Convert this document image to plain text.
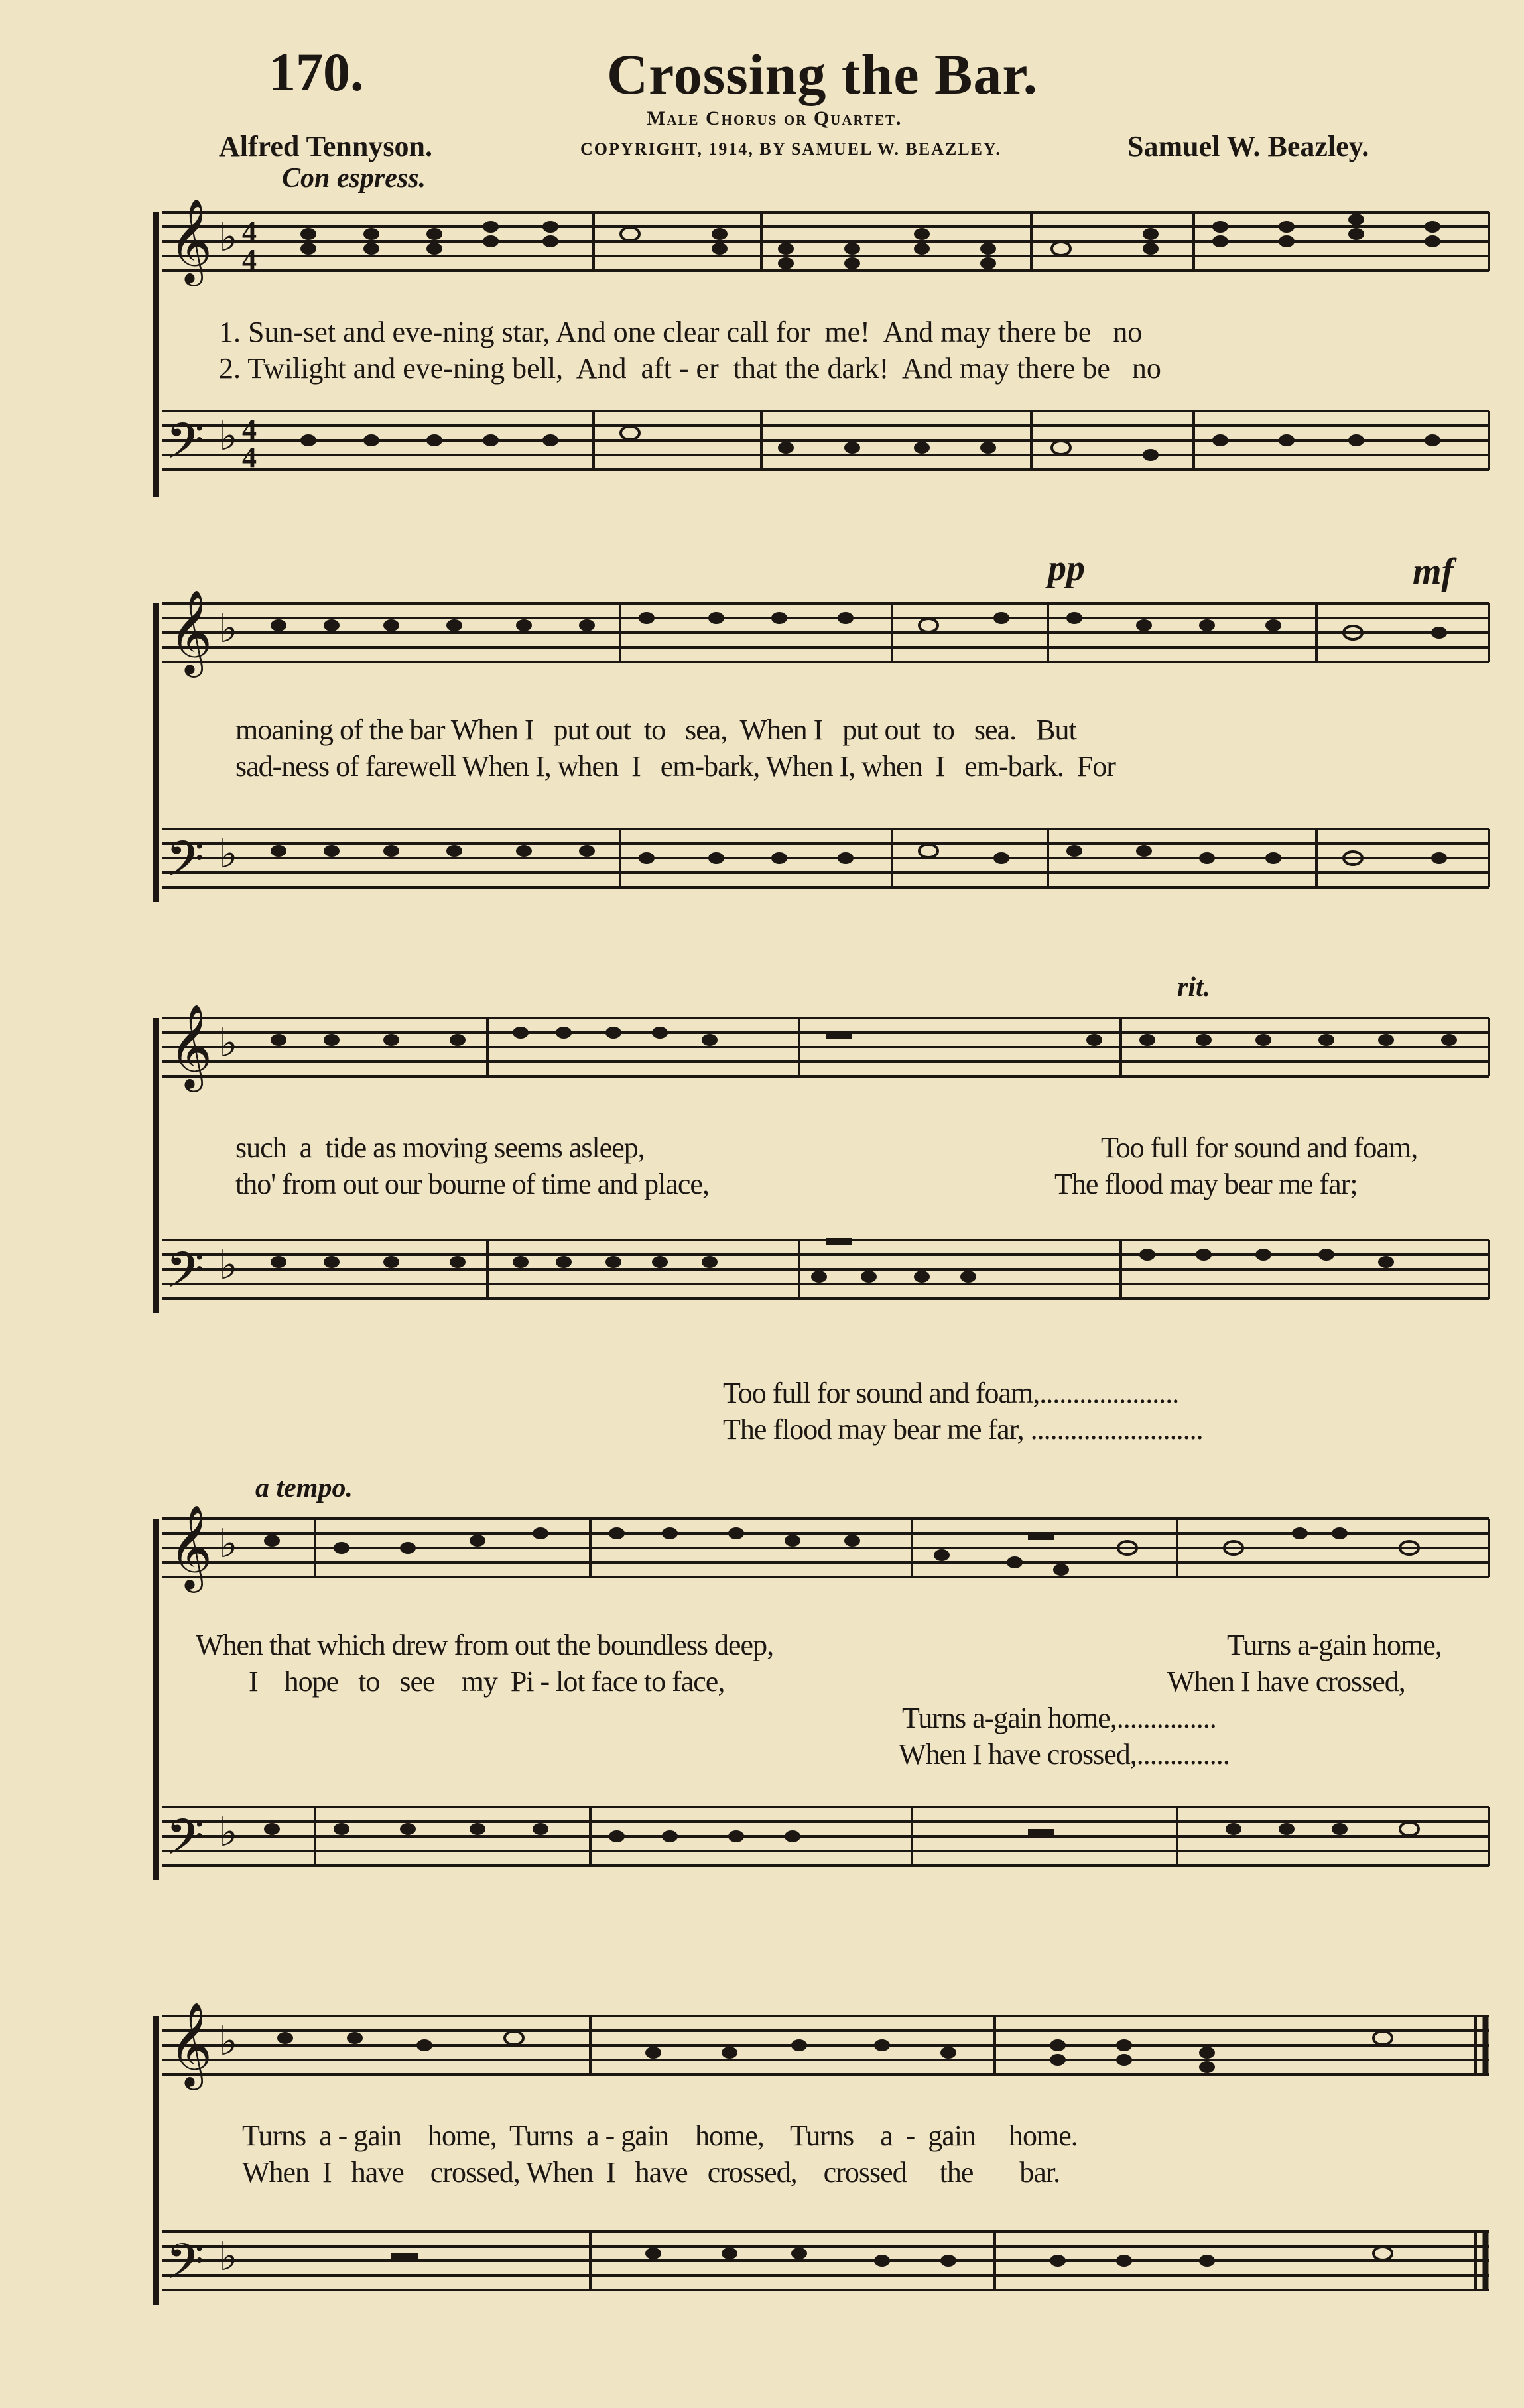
170.	Crossing the Bar.
Male Chorus or Quartet.
Alfred Tennyson.	COPYRIGHT, 1914, BY SAMUEL W. BEAZLEY.	Samuel W. Beazley.
Con espress.
pp	mf
rit.
a tempo.
𝄞
𝄢
♭
♭
4
4
4
4
1. Sun-set and eve-ning star, And one clear call for  me!  And may there be   no
2. Twilight and eve-ning bell,  And  aft - er  that the dark!  And may there be   no
𝄞
𝄢
♭
♭
moaning of the bar When I   put out  to   sea,  When I   put out  to   sea.   But
sad-ness of farewell When I, when  I   em-bark, When I, when  I   em-bark.  For
𝄞
𝄢
♭
♭
such  a  tide as moving seems asleep,
tho' from out our bourne of time and place,
Too full for sound and foam,
The flood may bear me far;
Too full for sound and foam,.....................
The flood may bear me far, ..........................
𝄞
𝄢
♭
♭
When that which drew from out the boundless deep,
I    hope   to   see    my  Pi - lot face to face,
Turns a-gain home,
When I have crossed,
Turns a-gain home,...............
When I have crossed,..............
𝄞
𝄢
♭
♭
Turns  a - gain    home,  Turns  a - gain    home,    Turns    a  -  gain     home.
When  I   have    crossed, When  I   have   crossed,    crossed     the       bar.
